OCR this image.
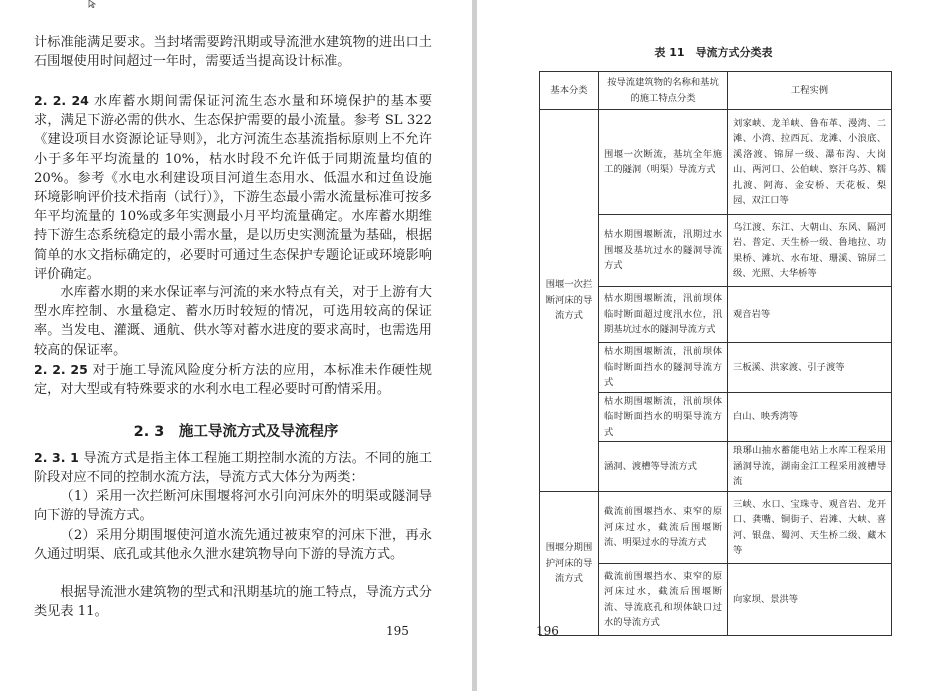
计标准能满足要求。当封堵需要跨汛期或导流泄水建筑物的进出口土石围堰使用时间超过一年时，需要适当提高设计标准。

2. 2. 24 水库蓄水期间需保证河流生态水量和环境保护的基本要求，满足下游必需的供水、生态保护需要的最小流量。参考 SL 322《建设项目水资源论证导则》，北方河流生态基流指标原则上不允许小于多年平均流量的 10%，枯水时段不允许低于同期流量均值的 20%。参考《水电水利建设项目河道生态用水、低温水和过鱼设施环境影响评价技术指南（试行）》，下游生态最小需水流量标准可按多年平均流量的 10%或多年实测最小月平均流量确定。水库蓄水期维持下游生态系统稳定的最小需水量，是以历史实测流量为基础，根据简单的水文指标确定的，必要时可通过生态保护专题论证或环境影响评价确定。

水库蓄水期的来水保证率与河流的来水特点有关，对于上游有大型水库控制、水量稳定、蓄水历时较短的情况，可选用较高的保证率。当发电、灌溉、通航、供水等对蓄水进度的要求高时，也需选用较高的保证率。

2. 2. 25 对于施工导流风险度分析方法的应用，本标准未作硬性规定，对大型或有特殊要求的水利水电工程必要时可酌情采用。

2. 3　施工导流方式及导流程序

2. 3. 1 导流方式是指主体工程施工期控制水流的方法。不同的施工阶段对应不同的控制水流方法，导流方式大体分为两类：

（1）采用一次拦断河床围堰将河水引向河床外的明渠或隧洞导向下游的导流方式。

（2）采用分期围堰使河道水流先通过被束窄的河床下泄，再永久通过明渠、底孔或其他永久泄水建筑物导向下游的导流方式。

根据导流泄水建筑物的型式和汛期基坑的施工特点，导流方式分类见表 11。

195
表 11　导流方式分类表
基本分类	按导流建筑物的名称和基坑的施工特点分类	工程实例
围堰一次拦断河床的导流方式	围堰一次断流，基坑全年施工的隧洞（明渠）导流方式	刘家峡、龙羊峡、鲁布革、漫湾、二滩、小湾、拉西瓦、龙滩、小浪底、溪洛渡、锦屏一级、瀑布沟、大岗山、两河口、公伯峡、察汗乌苏、糯扎渡、阿海、金安桥、天花板、梨园、双江口等
	枯水期围堰断流，汛期过水围堰及基坑过水的隧洞导流方式	乌江渡、东江、大朝山、东风、隔河岩、普定、天生桥一级、鲁地拉、功果桥、滩坑、水布垭、珊溪、锦屏二级、光照、大华桥等
	枯水期围堰断流，汛前坝体临时断面超过度汛水位，汛期基坑过水的隧洞导流方式	观音岩等
	枯水期围堰断流，汛前坝体临时断面挡水的隧洞导流方式	三板溪、洪家渡、引子渡等
	枯水期围堰断流，汛前坝体临时断面挡水的明渠导流方式	白山、映秀湾等
	涵洞、渡槽等导流方式	琅琊山抽水蓄能电站上水库工程采用涵洞导流，湖南金江工程采用渡槽导流
围堰分期围护河床的导流方式	截流前围堰挡水、束窄的原河床过水，截流后围堰断流、明渠过水的导流方式	三峡、水口、宝珠寺、观音岩、龙开口、龚嘴、铜街子、岩滩、大峡、喜河、银盘、蜀河、天生桥二级、藏木等
	截流前围堰挡水、束窄的原河床过水，截流后围堰断流、导流底孔和坝体缺口过水的导流方式	向家坝、景洪等
196
